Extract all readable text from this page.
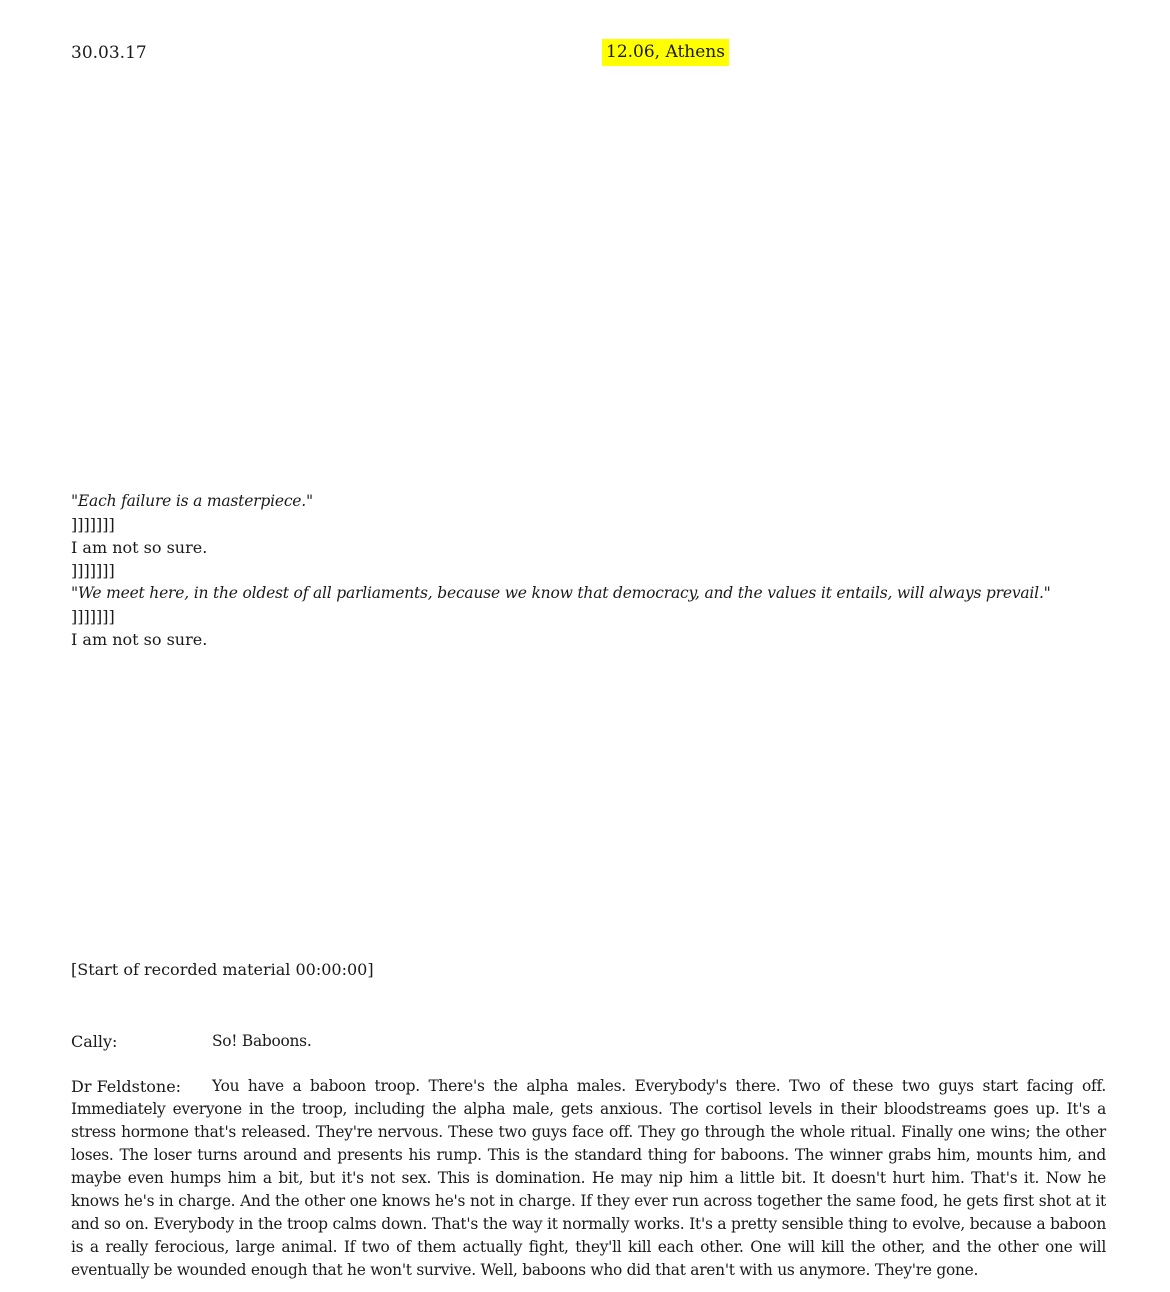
30.03.17	12.06, Athens
"Each failure is a masterpiece."
]]]]]]]
I am not so sure.
]]]]]]]
"We meet here, in the oldest of all parliaments, because we know that democracy, and the values it entails, will always prevail."
]]]]]]]
I am not so sure.
[Start of recorded material 00:00:00]
Cally:	So! Baboons.
Dr Feldstone:	You have a baboon troop. There's the alpha males. Everybody's there. Two of these two guys start facing off. Immediately everyone in the troop, including the alpha male, gets anxious. The cortisol levels in their bloodstreams goes up. It's a stress hormone that's released. They're nervous. These two guys face off. They go through the whole ritual. Finally one wins; the other loses. The loser turns around and presents his rump. This is the standard thing for baboons. The winner grabs him, mounts him, and maybe even humps him a bit, but it's not sex. This is domination. He may nip him a little bit. It doesn't hurt him. That's it. Now he knows he's in charge. And the other one knows he's not in charge. If they ever run across together the same food, he gets first shot at it and so on. Everybody in the troop calms down. That's the way it normally works. It's a pretty sensible thing to evolve, because a baboon is a really ferocious, large animal. If two of them actually fight, they'll kill each other. One will kill the other, and the other one will eventually be wounded enough that he won't survive. Well, baboons who did that aren't with us anymore. They're gone.
